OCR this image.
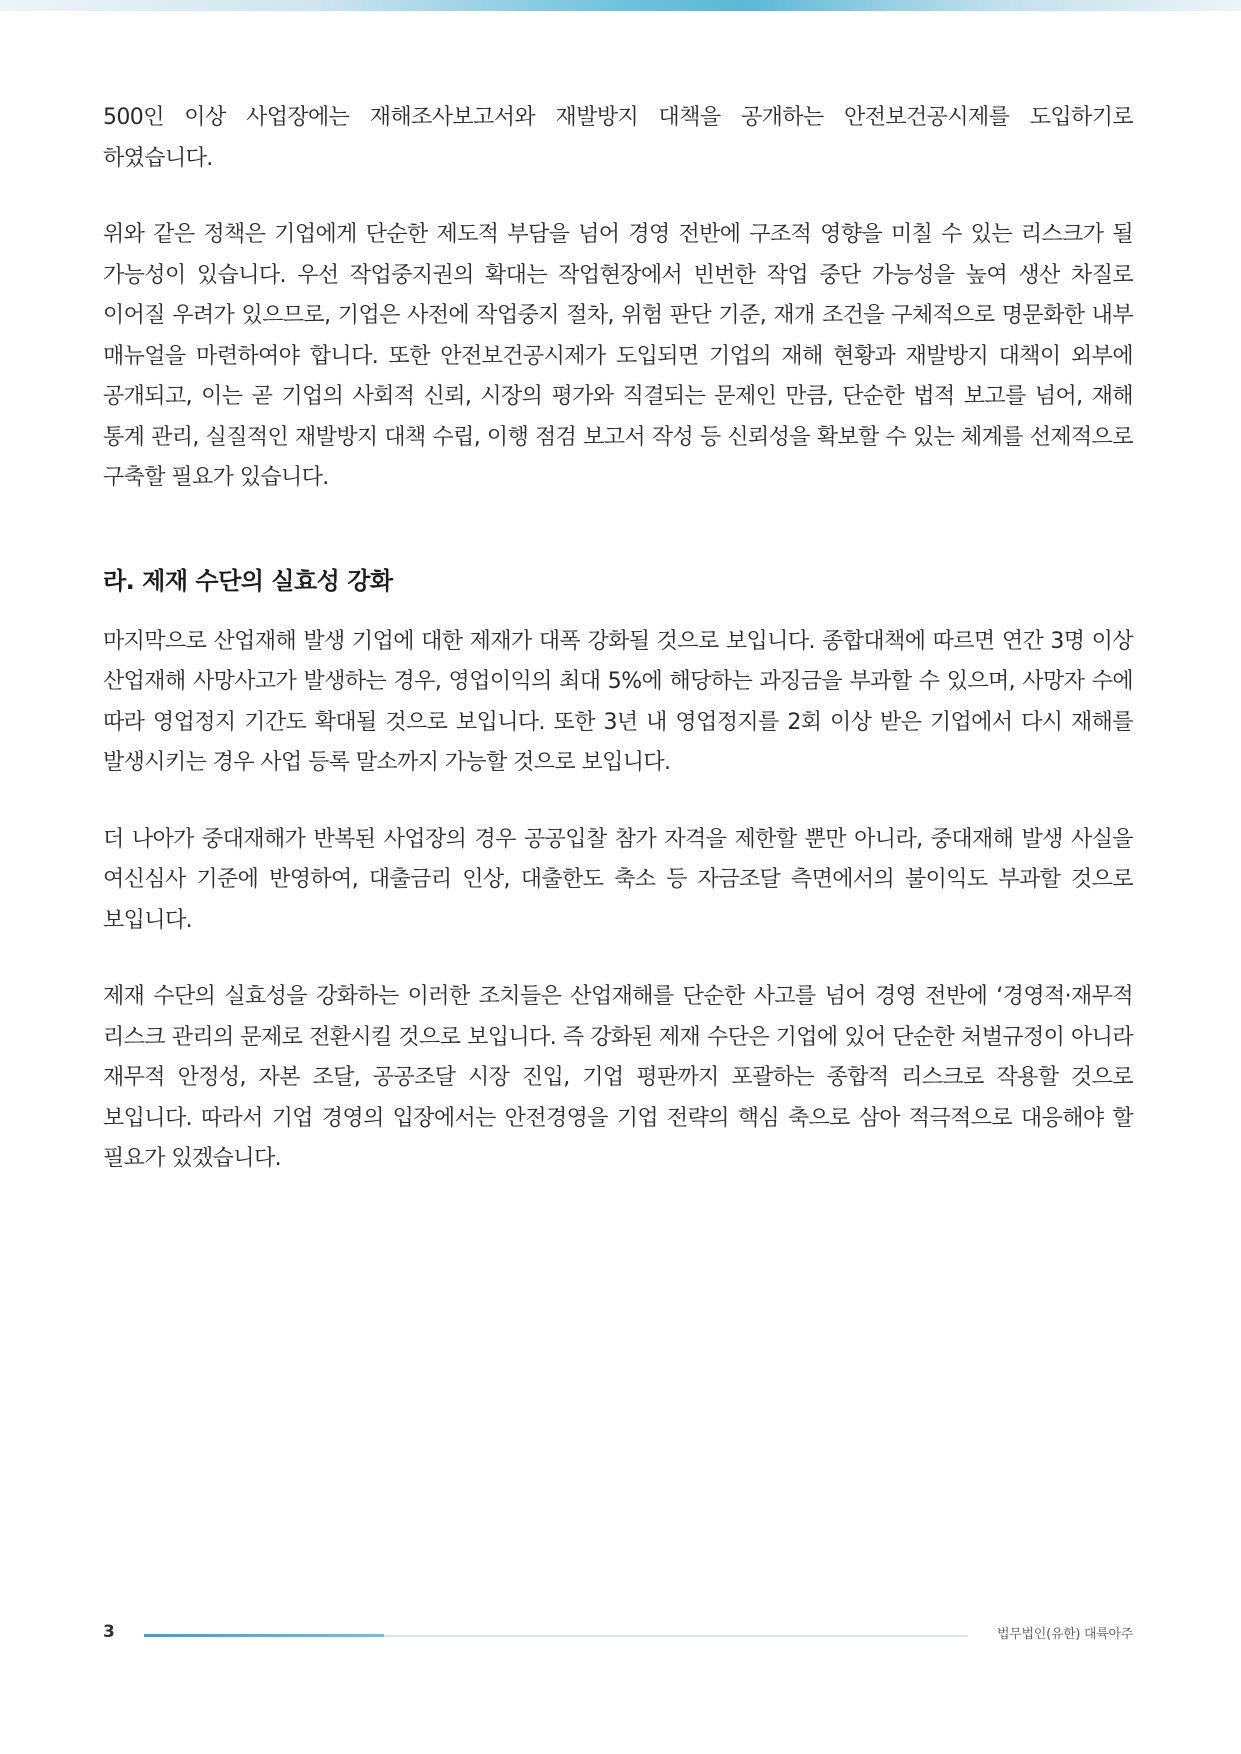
500인 이상 사업장에는 재해조사보고서와 재발방지 대책을 공개하는 안전보건공시제를 도입하기로 하였습니다.

위와 같은 정책은 기업에게 단순한 제도적 부담을 넘어 경영 전반에 구조적 영향을 미칠 수 있는 리스크가 될 가능성이 있습니다. 우선 작업중지권의 확대는 작업현장에서 빈번한 작업 중단 가능성을 높여 생산 차질로 이어질 우려가 있으므로, 기업은 사전에 작업중지 절차, 위험 판단 기준, 재개 조건을 구체적으로 명문화한 내부 매뉴얼을 마련하여야 합니다. 또한 안전보건공시제가 도입되면 기업의 재해 현황과 재발방지 대책이 외부에 공개되고, 이는 곧 기업의 사회적 신뢰, 시장의 평가와 직결되는 문제인 만큼, 단순한 법적 보고를 넘어, 재해 통계 관리, 실질적인 재발방지 대책 수립, 이행 점검 보고서 작성 등 신뢰성을 확보할 수 있는 체계를 선제적으로 구축할 필요가 있습니다.

라. 제재 수단의 실효성 강화

마지막으로 산업재해 발생 기업에 대한 제재가 대폭 강화될 것으로 보입니다. 종합대책에 따르면 연간 3명 이상 산업재해 사망사고가 발생하는 경우, 영업이익의 최대 5%에 해당하는 과징금을 부과할 수 있으며, 사망자 수에 따라 영업정지 기간도 확대될 것으로 보입니다. 또한 3년 내 영업정지를 2회 이상 받은 기업에서 다시 재해를 발생시키는 경우 사업 등록 말소까지 가능할 것으로 보입니다.

더 나아가 중대재해가 반복된 사업장의 경우 공공입찰 참가 자격을 제한할 뿐만 아니라, 중대재해 발생 사실을 여신심사 기준에 반영하여, 대출금리 인상, 대출한도 축소 등 자금조달 측면에서의 불이익도 부과할 것으로 보입니다.

제재 수단의 실효성을 강화하는 이러한 조치들은 산업재해를 단순한 사고를 넘어 경영 전반에 ‘경영적·재무적 리스크 관리의 문제로 전환시킬 것으로 보입니다. 즉 강화된 제재 수단은 기업에 있어 단순한 처벌규정이 아니라 재무적 안정성, 자본 조달, 공공조달 시장 진입, 기업 평판까지 포괄하는 종합적 리스크로 작용할 것으로 보입니다. 따라서 기업 경영의 입장에서는 안전경영을 기업 전략의 핵심 축으로 삼아 적극적으로 대응해야 할 필요가 있겠습니다.

3	법무법인(유한) 대륙아주
